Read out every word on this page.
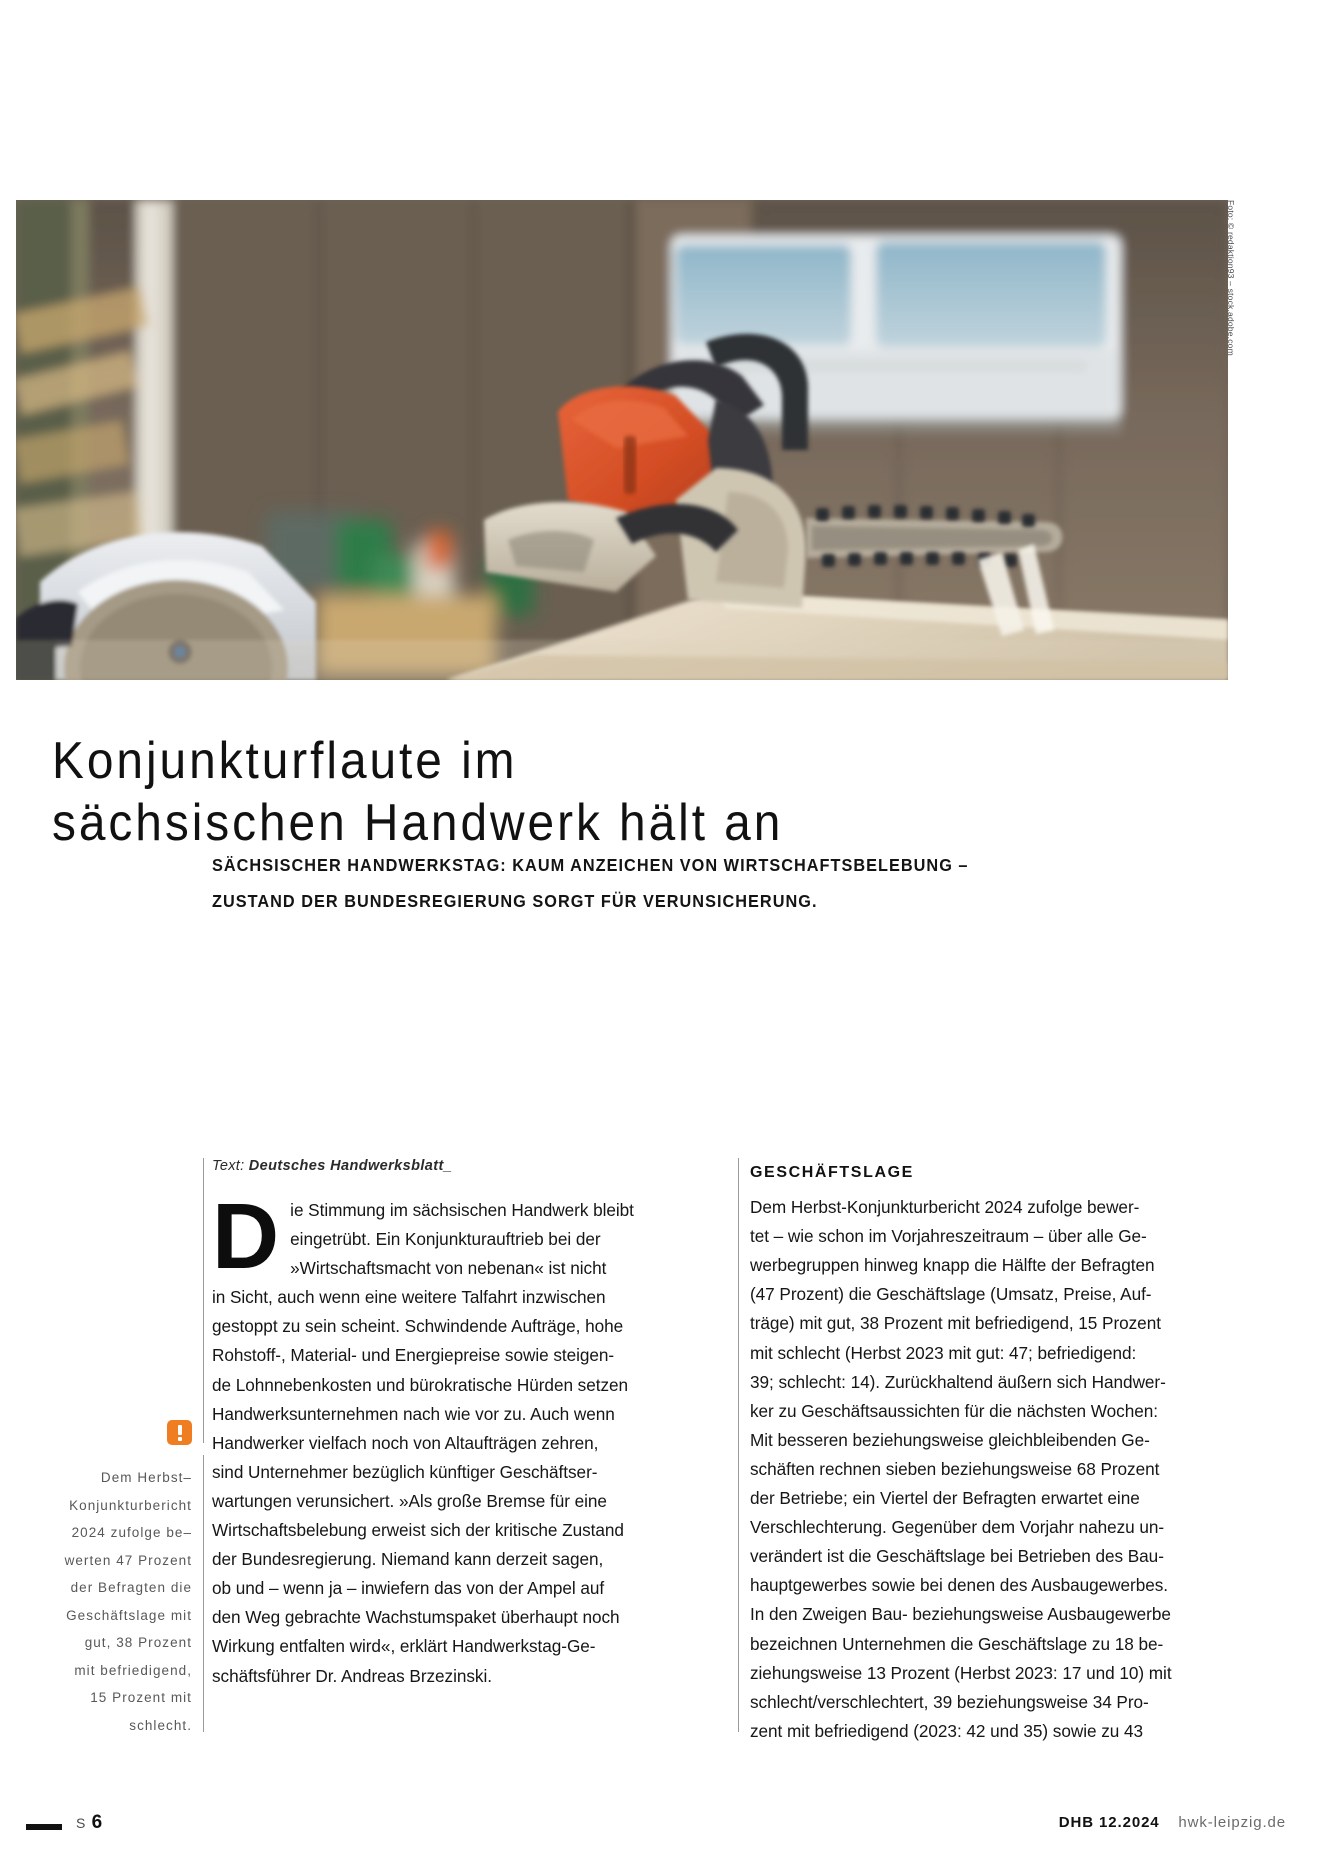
Foto: © redaktion93 – stock.adobe.com
Konjunkturflaute im
sächsischen Handwerk hält an
SÄCHSISCHER HANDWERKSTAG: KAUM ANZEICHEN VON WIRTSCHAFTSBELEBUNG –
ZUSTAND DER BUNDESREGIERUNG SORGT FÜR VERUNSICHERUNG.
Text: Deutsches Handwerksblatt_
Dem Herbst–
Konjunkturbericht
2024 zufolge be–
werten 47 Prozent
der Befragten die
Geschäftslage mit
gut, 38 Prozent
mit befriedigend,
15 Prozent mit
schlecht.
D ie Stimmung im sächsischen Handwerk bleibt
eingetrübt. Ein Konjunkturauftrieb bei der
»Wirtschaftsmacht von nebenan« ist nicht
in Sicht, auch wenn eine weitere Talfahrt inzwischen
gestoppt zu sein scheint. Schwindende Aufträge, hohe
Rohstoff-, Material- und Energiepreise sowie steigen-
de Lohnnebenkosten und bürokratische Hürden setzen
Handwerksunternehmen nach wie vor zu. Auch wenn
Handwerker vielfach noch von Altaufträgen zehren,
sind Unternehmer bezüglich künftiger Geschäftser-
wartungen verunsichert. »Als große Bremse für eine
Wirtschaftsbelebung erweist sich der kritische Zustand
der Bundesregierung. Niemand kann derzeit sagen,
ob und – wenn ja – inwiefern das von der Ampel auf
den Weg gebrachte Wachstumspaket überhaupt noch
Wirkung entfalten wird«, erklärt Handwerkstag-Ge-
schäftsführer Dr. Andreas Brzezinski.

GESCHÄFTSLAGE

Dem Herbst-Konjunkturbericht 2024 zufolge bewer-
tet – wie schon im Vorjahreszeitraum – über alle Ge-
werbegruppen hinweg knapp die Hälfte der Befragten
(47 Prozent) die Geschäftslage (Umsatz, Preise, Auf-
träge) mit gut, 38 Prozent mit befriedigend, 15 Prozent
mit schlecht (Herbst 2023 mit gut: 47; befriedigend:
39; schlecht: 14). Zurückhaltend äußern sich Handwer-
ker zu Geschäftsaussichten für die nächsten Wochen:
Mit besseren beziehungsweise gleichbleibenden Ge-
schäften rechnen sieben beziehungsweise 68 Prozent
der Betriebe; ein Viertel der Befragten erwartet eine
Verschlechterung. Gegenüber dem Vorjahr nahezu un-
verändert ist die Geschäftslage bei Betrieben des Bau-
hauptgewerbes sowie bei denen des Ausbaugewerbes.
In den Zweigen Bau- beziehungsweise Ausbaugewerbe
bezeichnen Unternehmen die Geschäftslage zu 18 be-
ziehungsweise 13 Prozent (Herbst 2023: 17 und 10) mit
schlecht/verschlechtert, 39 beziehungsweise 34 Pro-
zent mit befriedigend (2023: 42 und 35) sowie zu 43

S 6	DHB 12.2024 hwk-leipzig.de
